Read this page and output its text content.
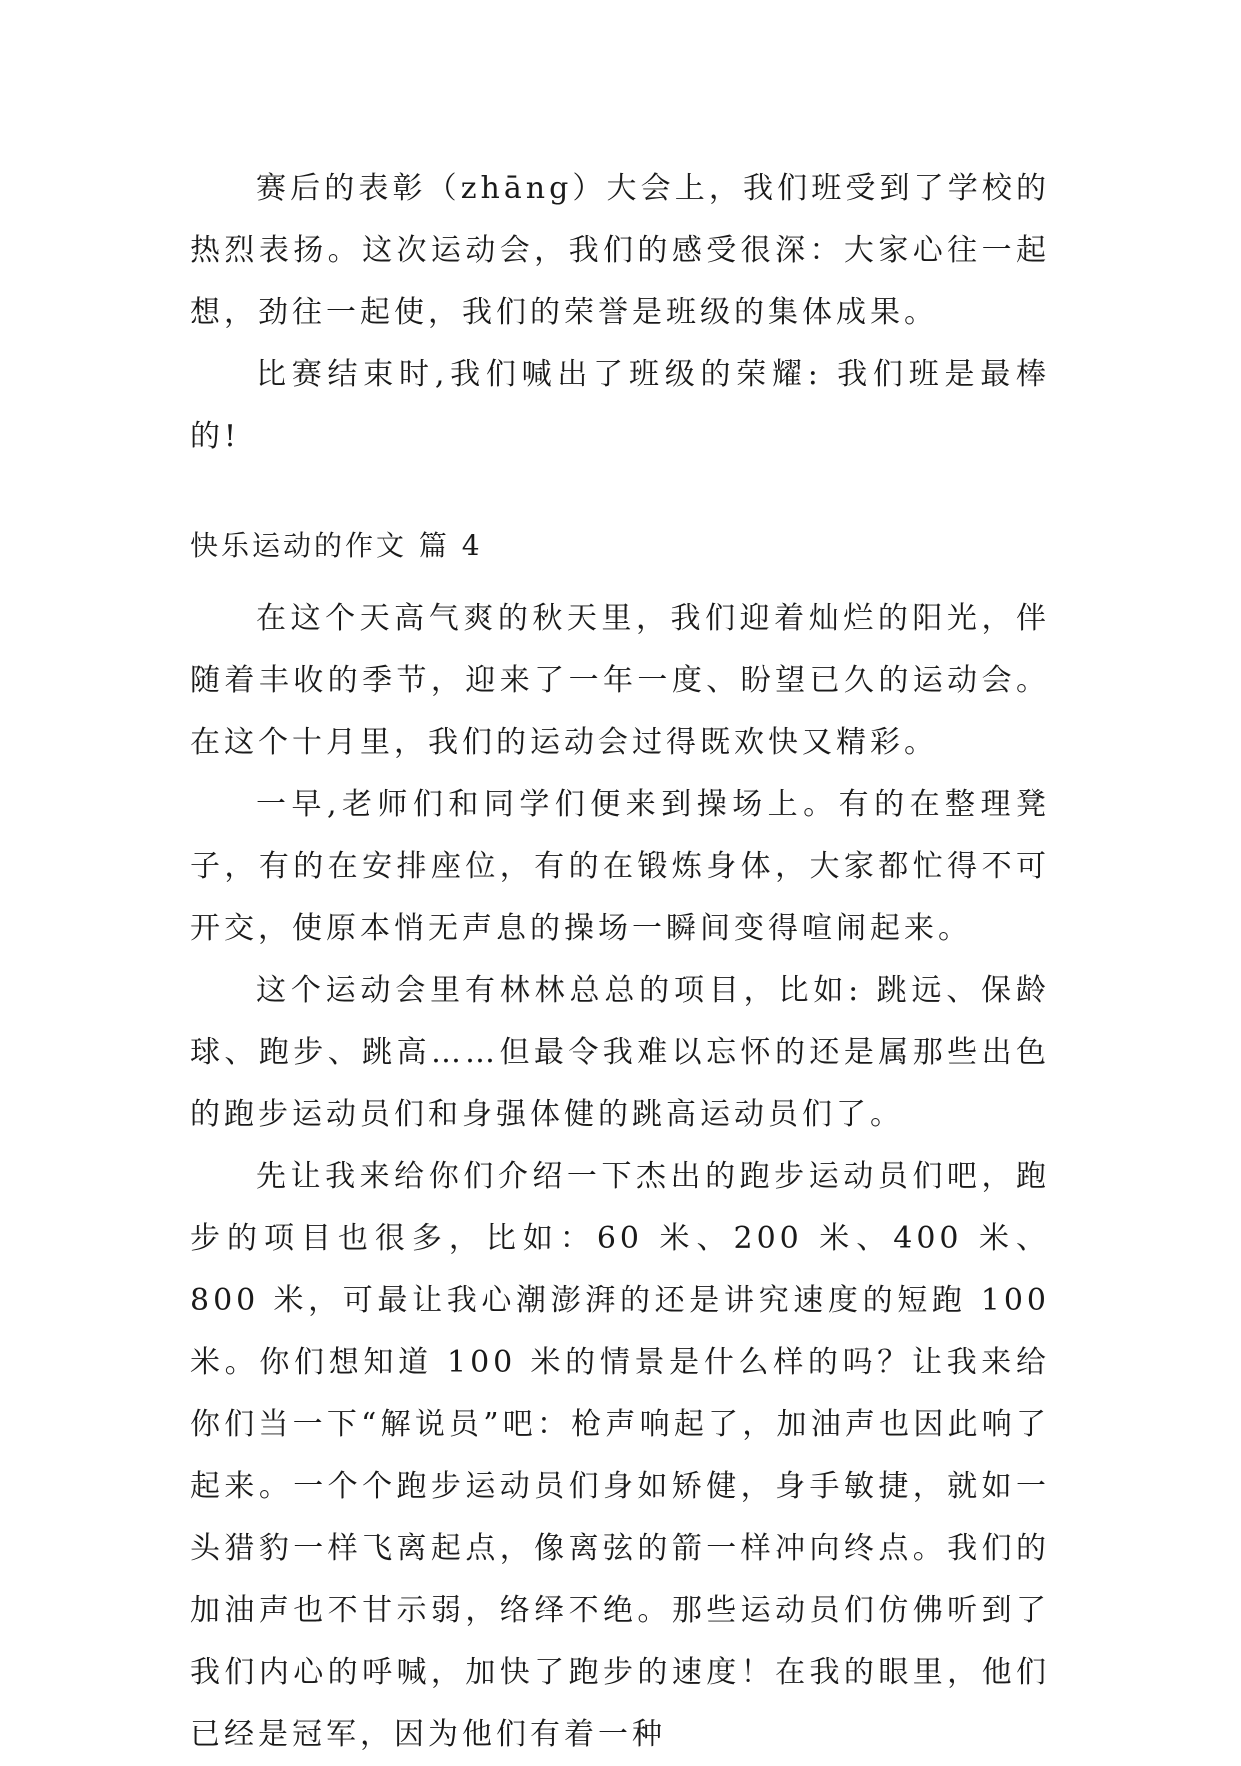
赛后的表彰（zhāng）大会上，我们班受到了学校的热烈表扬。这次运动会，我们的感受很深：大家心往一起想，劲往一起使，我们的荣誉是班级的集体成果。

比赛结束时,我们喊出了班级的荣耀: 我们班是最棒的!

快乐运动的作文 篇 4

在这个天高气爽的秋天里，我们迎着灿烂的阳光，伴随着丰收的季节，迎来了一年一度、盼望已久的运动会。在这个十月里，我们的运动会过得既欢快又精彩。

一早,老师们和同学们便来到操场上。有的在整理凳子，有的在安排座位，有的在锻炼身体，大家都忙得不可开交，使原本悄无声息的操场一瞬间变得喧闹起来。

这个运动会里有林林总总的项目，比如: 跳远、保龄球、跑步、跳高……但最令我难以忘怀的还是属那些出色的跑步运动员们和身强体健的跳高运动员们了。

先让我来给你们介绍一下杰出的跑步运动员们吧，跑步的项目也很多，比如：60 米、200 米、400 米、800 米，可最让我心潮澎湃的还是讲究速度的短跑 100 米。你们想知道 100 米的情景是什么样的吗？让我来给你们当一下“解说员”吧：枪声响起了，加油声也因此响了起来。一个个跑步运动员们身如矫健，身手敏捷，就如一头猎豹一样飞离起点，像离弦的箭一样冲向终点。我们的加油声也不甘示弱，络绎不绝。那些运动员们仿佛听到了我们内心的呼喊，加快了跑步的速度！在我的眼里，他们已经是冠军，因为他们有着一种
